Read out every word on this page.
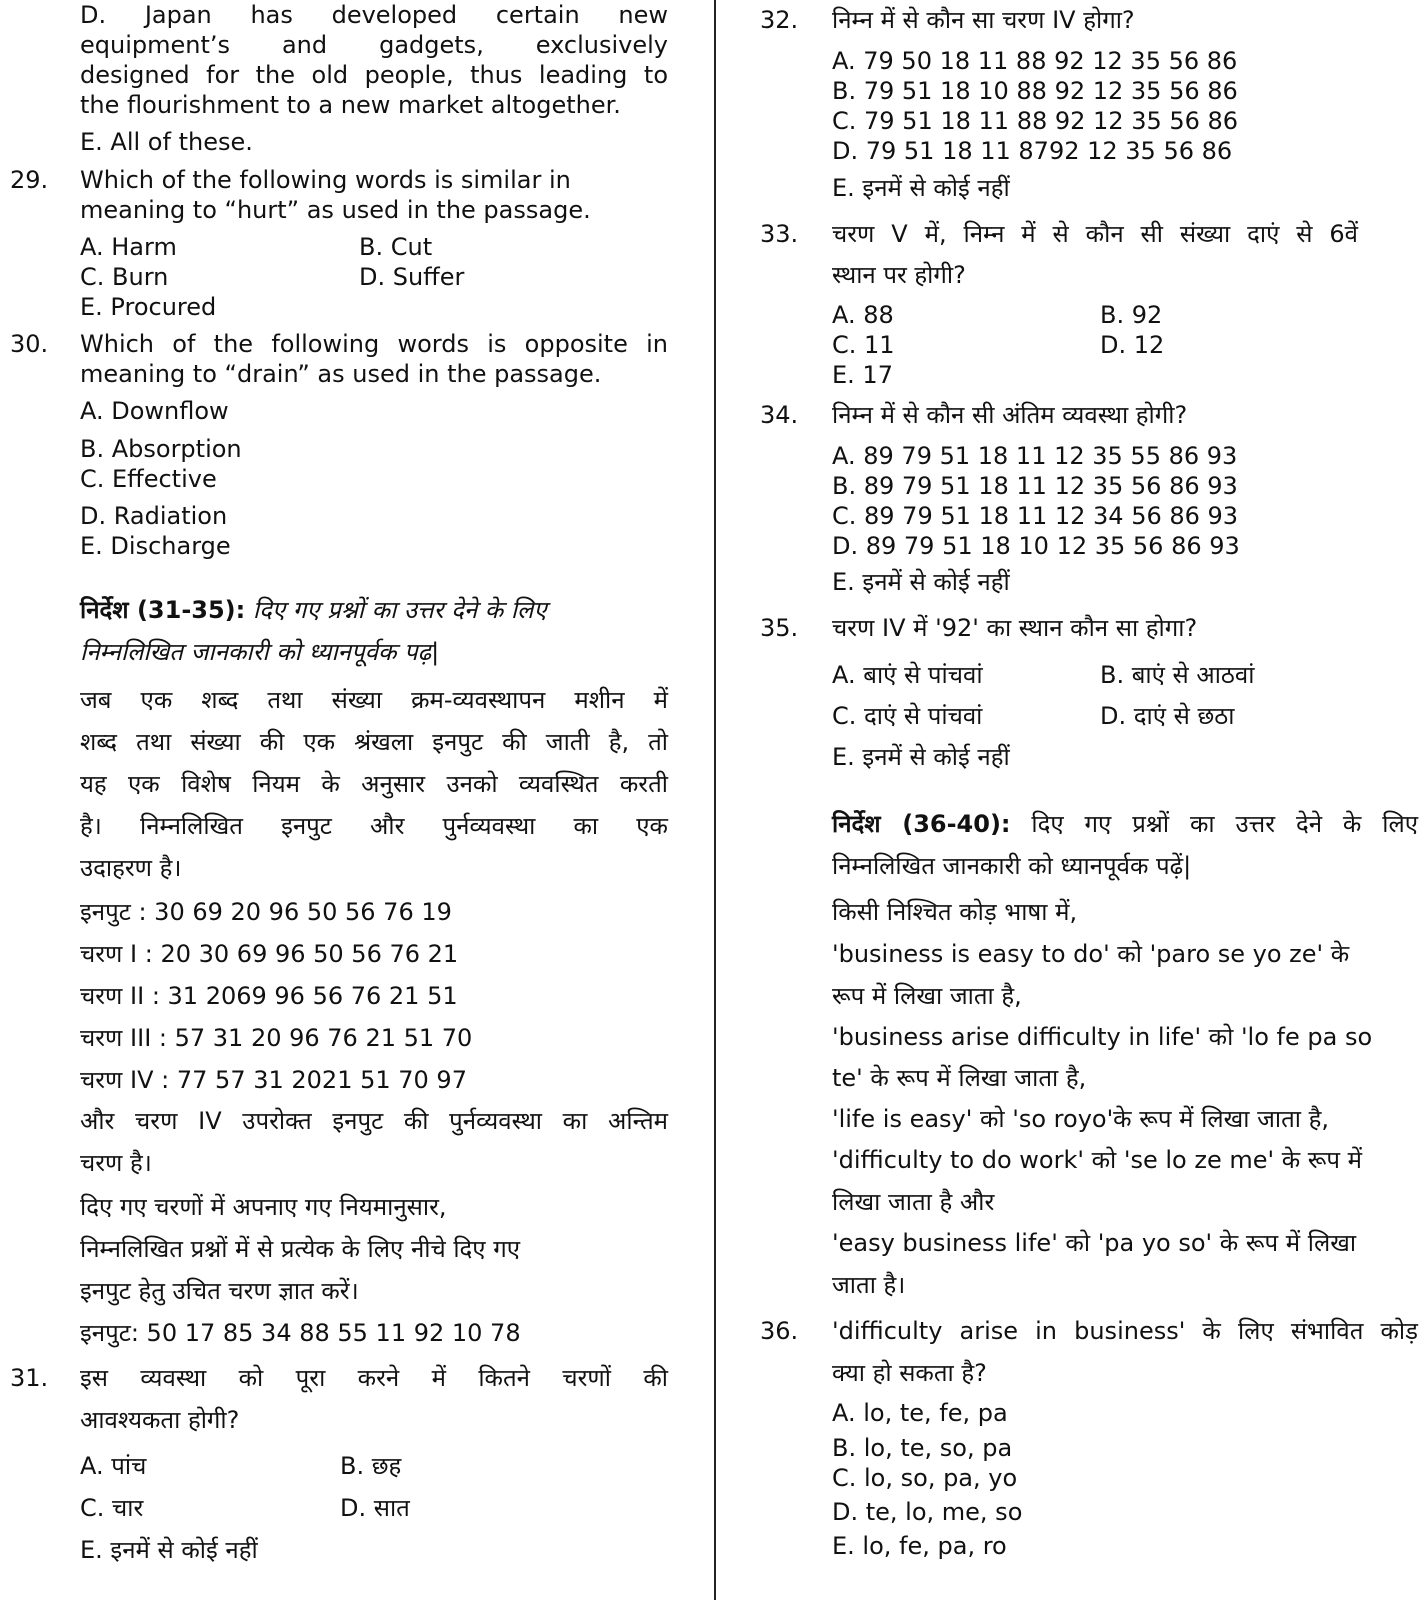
D. Japan has developed certain new
equipment’s and gadgets, exclusively
designed for the old people, thus leading to
the flourishment to a new market altogether.
E. All of these.
29. Which of the following words is similar in
meaning to “hurt” as used in the passage.
A. Harm	B. Cut
C. Burn	D. Suffer
E. Procured
30. Which of the following words is opposite in
meaning to “drain” as used in the passage.
A. Downflow
B. Absorption
C. Effective
D. Radiation
E. Discharge
निर्देश (31-35): दिए गए प्रश्नों का उत्तर देने के लिए
निम्नलिखित जानकारी को ध्यानपूर्वक पढ़|
जब एक शब्द तथा संख्या क्रम-व्यवस्थापन मशीन में
शब्द तथा संख्या की एक श्रंखला इनपुट की जाती है, तो
यह एक विशेष नियम के अनुसार उनको व्यवस्थित करती
है। निम्नलिखित इनपुट और पुर्नव्यवस्था का एक
उदाहरण है।
इनपुट : 30 69 20 96 50 56 76 19
चरण I : 20 30 69 96 50 56 76 21
चरण II : 31 2069 96 56 76 21 51
चरण III : 57 31 20 96 76 21 51 70
चरण IV : 77 57 31 2021 51 70 97
और चरण IV उपरोक्त इनपुट की पुर्नव्यवस्था का अन्तिम
चरण है।
दिए गए चरणों में अपनाए गए नियमानुसार,
निम्नलिखित प्रश्नों में से प्रत्येक के लिए नीचे दिए गए
इनपुट हेतु उचित चरण ज्ञात करें।
इनपुट: 50 17 85 34 88 55 11 92 10 78
31. इस व्यवस्था को पूरा करने में कितने चरणों की
आवश्यकता होगी?
A. पांच	B. छह
C. चार	D. सात
E. इनमें से कोई नहीं
32. निम्न में से कौन सा चरण IV होगा?
A. 79 50 18 11 88 92 12 35 56 86
B. 79 51 18 10 88 92 12 35 56 86
C. 79 51 18 11 88 92 12 35 56 86
D. 79 51 18 11 8792 12 35 56 86
E. इनमें से कोई नहीं
33. चरण V में, निम्न में से कौन सी संख्या दाएं से 6वें
स्थान पर होगी?
A. 88	B. 92
C. 11	D. 12
E. 17
34. निम्न में से कौन सी अंतिम व्यवस्था होगी?
A. 89 79 51 18 11 12 35 55 86 93
B. 89 79 51 18 11 12 35 56 86 93
C. 89 79 51 18 11 12 34 56 86 93
D. 89 79 51 18 10 12 35 56 86 93
E. इनमें से कोई नहीं
35. चरण IV में '92' का स्थान कौन सा होगा?
A. बाएं से पांचवां	B. बाएं से आठवां
C. दाएं से पांचवां	D. दाएं से छठा
E. इनमें से कोई नहीं
निर्देश (36-40): दिए गए प्रश्नों का उत्तर देने के लिए
निम्नलिखित जानकारी को ध्यानपूर्वक पढ़ें|
किसी निश्चित कोड़ भाषा में,
'business is easy to do' को 'paro se yo ze' के
रूप में लिखा जाता है,
'business arise difficulty in life' को 'lo fe pa so
te' के रूप में लिखा जाता है,
'life is easy' को 'so royo'के रूप में लिखा जाता है,
'difficulty to do work' को 'se lo ze me' के रूप में
लिखा जाता है और
'easy business life' को 'pa yo so' के रूप में लिखा
जाता है।
36. 'difficulty arise in business' के लिए संभावित कोड़
क्या हो सकता है?
A. lo, te, fe, pa
B. lo, te, so, pa
C. lo, so, pa, yo
D. te, lo, me, so
E. lo, fe, pa, ro
